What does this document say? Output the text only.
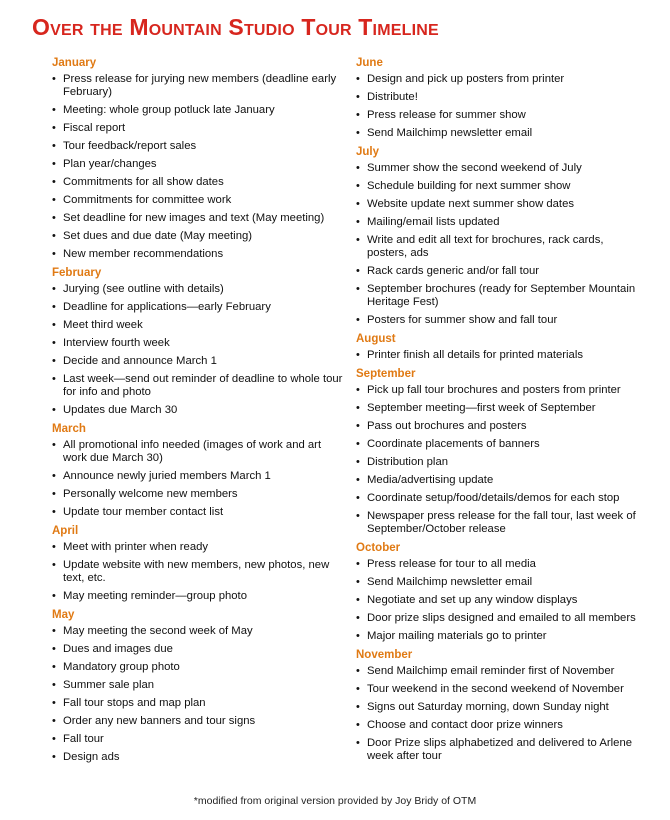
Over the Mountain Studio Tour Timeline
January
• Press release for jurying new members (deadline early February)
• Meeting: whole group potluck late January
• Fiscal report
• Tour feedback/report sales
• Plan year/changes
• Commitments for all show dates
• Commitments for committee work
• Set deadline for new images and text (May meeting)
• Set dues and due date (May meeting)
• New member recommendations
February
• Jurying (see outline with details)
• Deadline for applications—early February
• Meet third week
• Interview fourth week
• Decide and announce March 1
• Last week—send out reminder of deadline to whole tour for info and photo
• Updates due March 30
March
• All promotional info needed (images of work and art work due March 30)
• Announce newly juried members March 1
• Personally welcome new members
• Update tour member contact list
April
• Meet with printer when ready
• Update website with new members, new photos, new text, etc.
• May meeting reminder—group photo
May
• May meeting the second week of May
• Dues and images due
• Mandatory group photo
• Summer sale plan
• Fall tour stops and map plan
• Order any new banners and tour signs
• Fall tour
• Design ads
June
• Design and pick up posters from printer
• Distribute!
• Press release for summer show
• Send Mailchimp newsletter email
July
• Summer show the second weekend of July
• Schedule building for next summer show
• Website update next summer show dates
• Mailing/email lists updated
• Write and edit all text for brochures, rack cards, posters, ads
• Rack cards generic and/or fall tour
• September brochures (ready for September Mountain Heritage Fest)
• Posters for summer show and fall tour
August
• Printer finish all details for printed materials
September
• Pick up fall tour brochures and posters from printer
• September meeting—first week of September
• Pass out brochures and posters
• Coordinate placements of banners
• Distribution plan
• Media/advertising update
• Coordinate setup/food/details/demos for each stop
• Newspaper press release for the fall tour, last week of September/October release
October
• Press release for tour to all media
• Send Mailchimp newsletter email
• Negotiate and set up any window displays
• Door prize slips designed and emailed to all members
• Major mailing materials go to printer
November
• Send Mailchimp email reminder first of November
• Tour weekend in the second weekend of November
• Signs out Saturday morning, down Sunday night
• Choose and contact door prize winners
• Door Prize slips alphabetized and delivered to Arlene week after tour
*modified from original version provided by Joy Bridy of OTM
